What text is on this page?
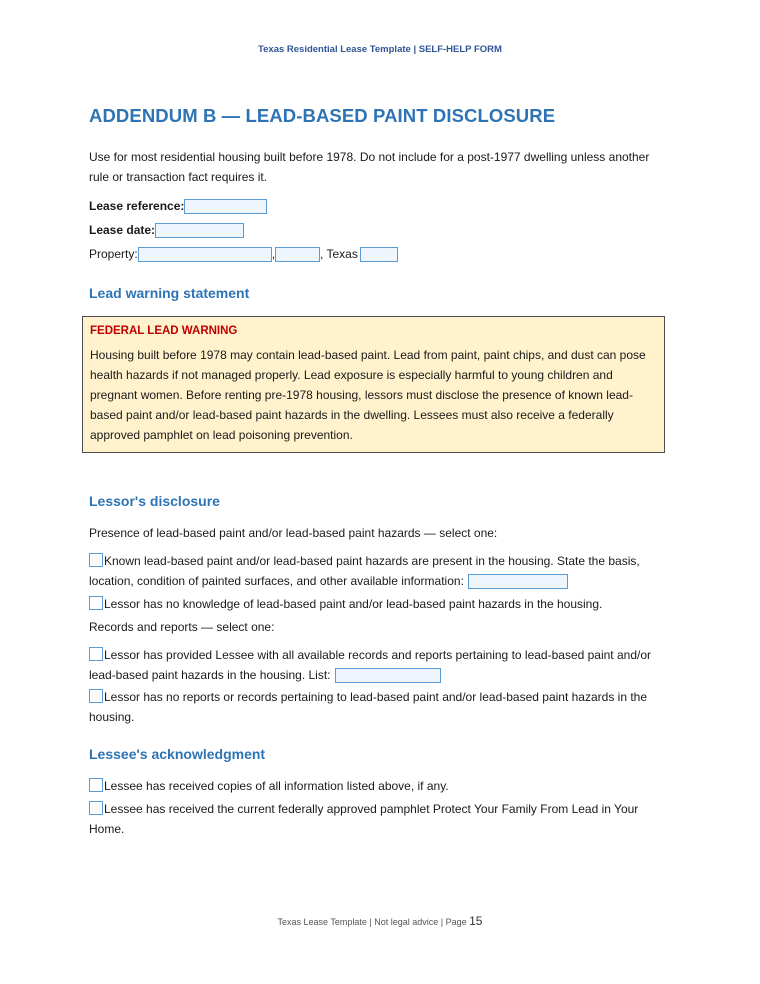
Texas Residential Lease Template | SELF-HELP FORM
ADDENDUM B — LEAD-BASED PAINT DISCLOSURE
Use for most residential housing built before 1978. Do not include for a post-1977 dwelling unless another rule or transaction fact requires it.
Lease reference:
Lease date:
Property:	,	, Texas
Lead warning statement
FEDERAL LEAD WARNING
Housing built before 1978 may contain lead-based paint. Lead from paint, paint chips, and dust can pose health hazards if not managed properly. Lead exposure is especially harmful to young children and pregnant women. Before renting pre-1978 housing, lessors must disclose the presence of known lead-based paint and/or lead-based paint hazards in the dwelling. Lessees must also receive a federally approved pamphlet on lead poisoning prevention.
Lessor's disclosure
Presence of lead-based paint and/or lead-based paint hazards — select one:
Known lead-based paint and/or lead-based paint hazards are present in the housing. State the basis, location, condition of painted surfaces, and other available information:
Lessor has no knowledge of lead-based paint and/or lead-based paint hazards in the housing.
Records and reports — select one:
Lessor has provided Lessee with all available records and reports pertaining to lead-based paint and/or lead-based paint hazards in the housing. List:
Lessor has no reports or records pertaining to lead-based paint and/or lead-based paint hazards in the housing.
Lessee's acknowledgment
Lessee has received copies of all information listed above, if any.
Lessee has received the current federally approved pamphlet Protect Your Family From Lead in Your Home.
Texas Lease Template | Not legal advice | Page 15
